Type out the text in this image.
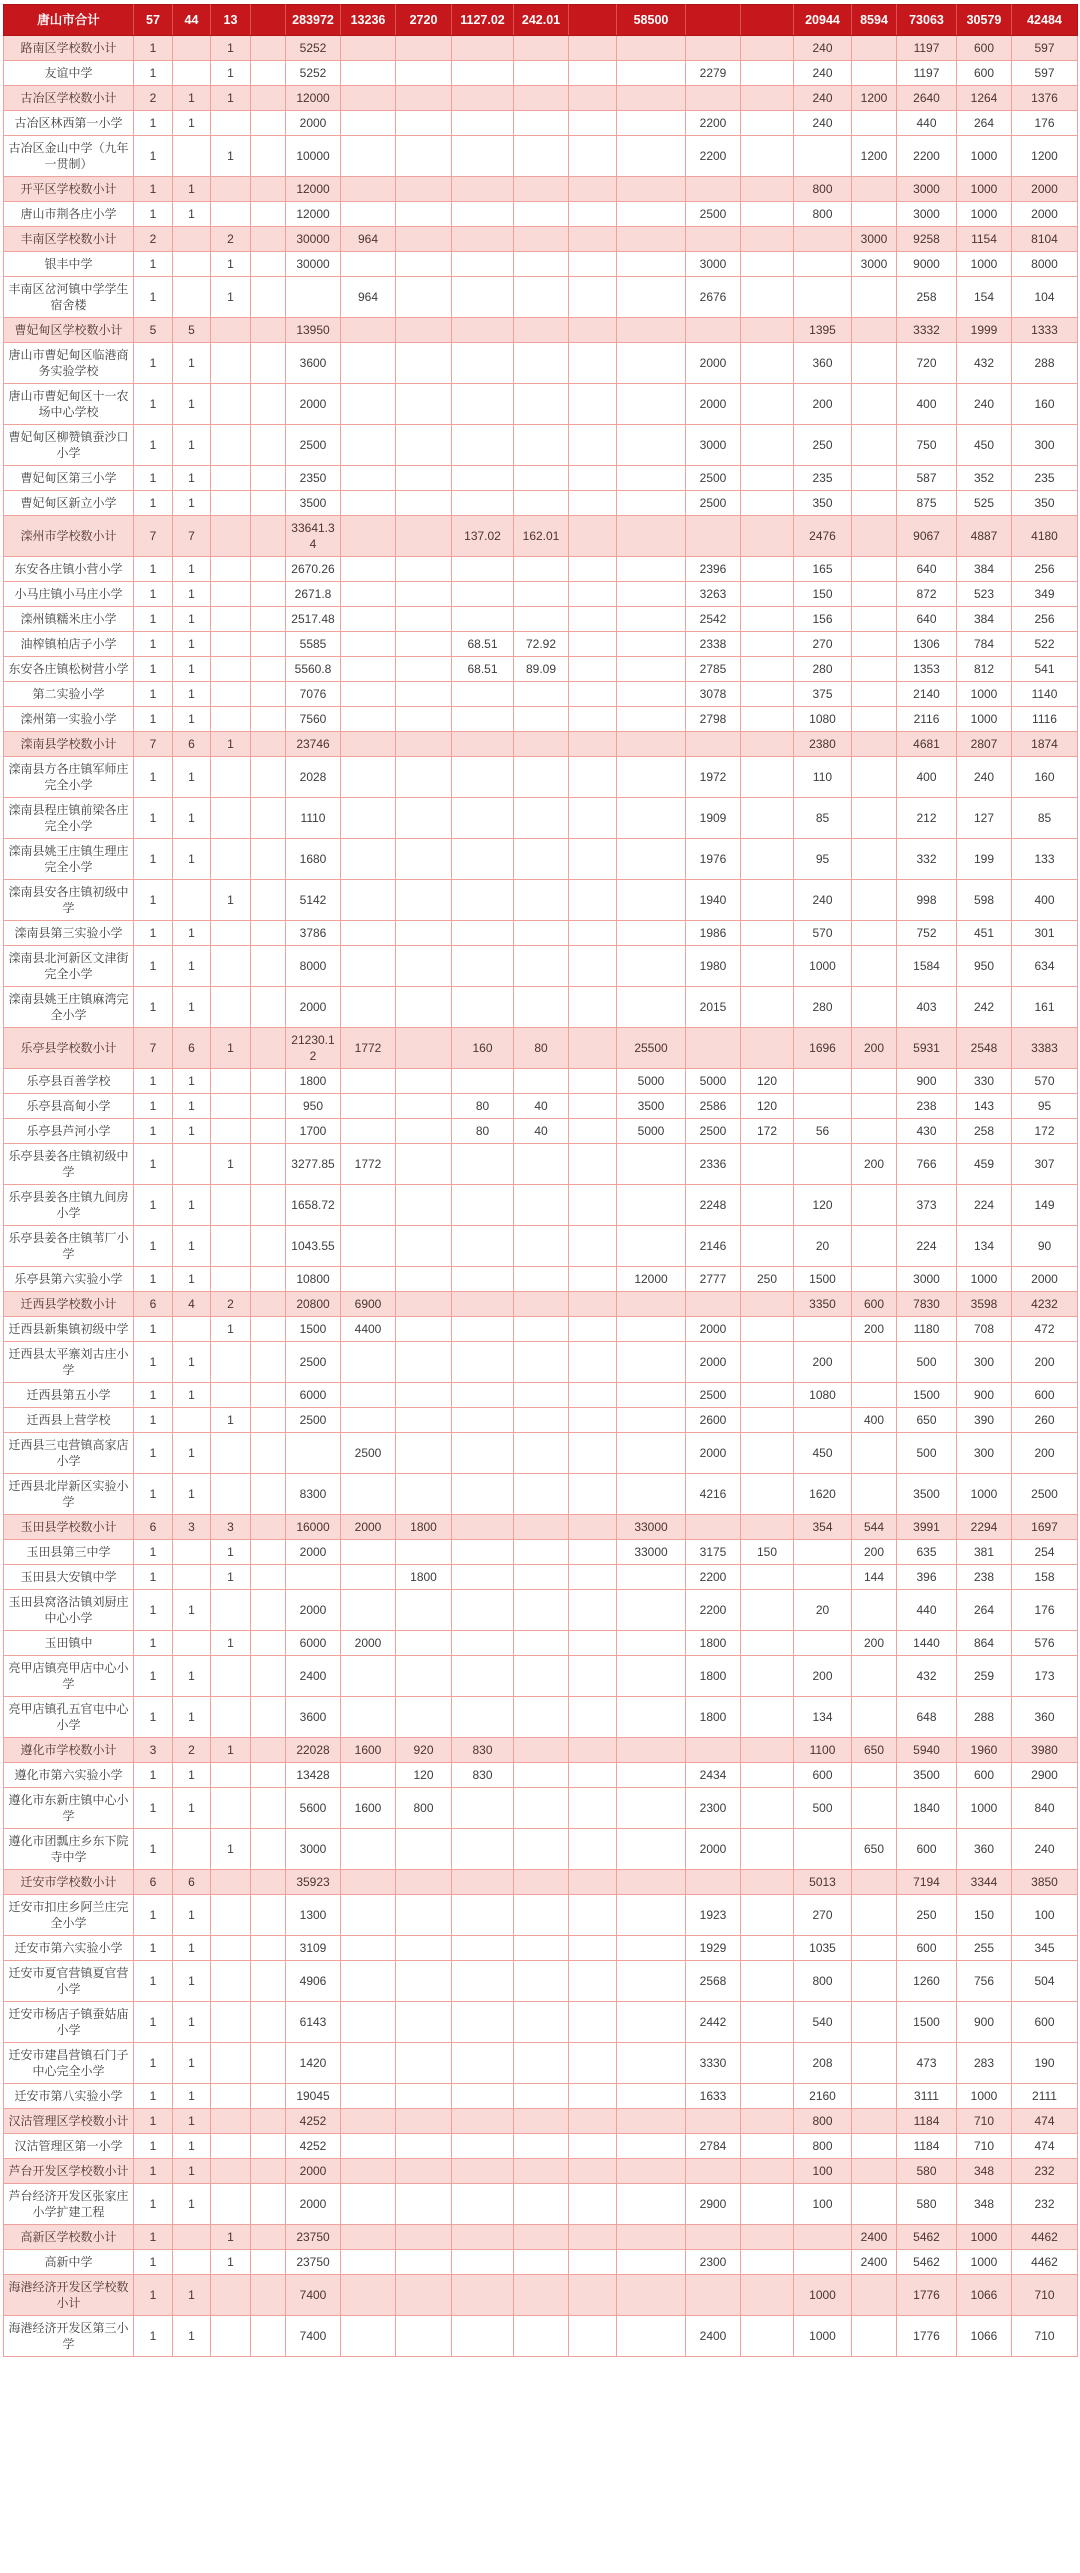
唐山市合计	57	44	13		283972	13236	2720	1127.02	242.01		58500			20944	8594	73063	30579	42484
路南区学校数小计	1		1		5252									240		1197	600	597
友谊中学	1		1		5252							2279		240		1197	600	597
古冶区学校数小计	2	1	1		12000									240	1200	2640	1264	1376
古冶区林西第一小学	1	1			2000							2200		240		440	264	176
古冶区金山中学（九年一贯制）	1		1		10000							2200			1200	2200	1000	1200
开平区学校数小计	1	1			12000									800		3000	1000	2000
唐山市荆各庄小学	1	1			12000							2500		800		3000	1000	2000
丰南区学校数小计	2		2		30000	964									3000	9258	1154	8104
银丰中学	1		1		30000							3000			3000	9000	1000	8000
丰南区岔河镇中学学生宿舍楼	1		1			964						2676				258	154	104
曹妃甸区学校数小计	5	5			13950									1395		3332	1999	1333
唐山市曹妃甸区临港商务实验学校	1	1			3600							2000		360		720	432	288
唐山市曹妃甸区十一农场中心学校	1	1			2000							2000		200		400	240	160
曹妃甸区柳赞镇蚕沙口小学	1	1			2500							3000		250		750	450	300
曹妃甸区第三小学	1	1			2350							2500		235		587	352	235
曹妃甸区新立小学	1	1			3500							2500		350		875	525	350
滦州市学校数小计	7	7			33641.34			137.02	162.01					2476		9067	4887	4180
东安各庄镇小营小学	1	1			2670.26							2396		165		640	384	256
小马庄镇小马庄小学	1	1			2671.8							3263		150		872	523	349
滦州镇糯米庄小学	1	1			2517.48							2542		156		640	384	256
油榨镇柏店子小学	1	1			5585			68.51	72.92			2338		270		1306	784	522
东安各庄镇松树营小学	1	1			5560.8			68.51	89.09			2785		280		1353	812	541
第二实验小学	1	1			7076							3078		375		2140	1000	1140
滦州第一实验小学	1	1			7560							2798		1080		2116	1000	1116
滦南县学校数小计	7	6	1		23746									2380		4681	2807	1874
滦南县方各庄镇军师庄完全小学	1	1			2028							1972		110		400	240	160
滦南县程庄镇前梁各庄完全小学	1	1			1110							1909		85		212	127	85
滦南县姚王庄镇生理庄完全小学	1	1			1680							1976		95		332	199	133
滦南县安各庄镇初级中学	1		1		5142							1940		240		998	598	400
滦南县第三实验小学	1	1			3786							1986		570		752	451	301
滦南县北河新区文津街完全小学	1	1			8000							1980		1000		1584	950	634
滦南县姚王庄镇麻湾完全小学	1	1			2000							2015		280		403	242	161
乐亭县学校数小计	7	6	1		21230.12	1772		160	80		25500			1696	200	5931	2548	3383
乐亭县百善学校	1	1			1800						5000	5000	120			900	330	570
乐亭县高甸小学	1	1			950			80	40		3500	2586	120			238	143	95
乐亭县芦河小学	1	1			1700			80	40		5000	2500	172	56		430	258	172
乐亭县姜各庄镇初级中学	1		1		3277.85	1772						2336			200	766	459	307
乐亭县姜各庄镇九间房小学	1	1			1658.72							2248		120		373	224	149
乐亭县姜各庄镇苇厂小学	1	1			1043.55							2146		20		224	134	90
乐亭县第六实验小学	1	1			10800						12000	2777	250	1500		3000	1000	2000
迁西县学校数小计	6	4	2		20800	6900								3350	600	7830	3598	4232
迁西县新集镇初级中学	1		1		1500	4400						2000			200	1180	708	472
迁西县太平寨刘古庄小学	1	1			2500							2000		200		500	300	200
迁西县第五小学	1	1			6000							2500		1080		1500	900	600
迁西县上营学校	1		1		2500							2600			400	650	390	260
迁西县三屯营镇高家店小学	1	1				2500						2000		450		500	300	200
迁西县北岸新区实验小学	1	1			8300							4216		1620		3500	1000	2500
玉田县学校数小计	6	3	3		16000	2000	1800				33000			354	544	3991	2294	1697
玉田县第三中学	1		1		2000						33000	3175	150		200	635	381	254
玉田县大安镇中学	1		1				1800					2200			144	396	238	158
玉田县窝洛沽镇刘厨庄中心小学	1	1			2000							2200		20		440	264	176
玉田镇中	1		1		6000	2000						1800			200	1440	864	576
亮甲店镇亮甲店中心小学	1	1			2400							1800		200		432	259	173
亮甲店镇孔五官屯中心小学	1	1			3600							1800		134		648	288	360
遵化市学校数小计	3	2	1		22028	1600	920	830						1100	650	5940	1960	3980
遵化市第六实验小学	1	1			13428		120	830				2434		600		3500	600	2900
遵化市东新庄镇中心小学	1	1			5600	1600	800					2300		500		1840	1000	840
遵化市团瓢庄乡东下院寺中学	1		1		3000							2000			650	600	360	240
迁安市学校数小计	6	6			35923									5013		7194	3344	3850
迁安市扣庄乡阿兰庄完全小学	1	1			1300							1923		270		250	150	100
迁安市第六实验小学	1	1			3109							1929		1035		600	255	345
迁安市夏官营镇夏官营小学	1	1			4906							2568		800		1260	756	504
迁安市杨店子镇蚕姑庙小学	1	1			6143							2442		540		1500	900	600
迁安市建昌营镇石门子中心完全小学	1	1			1420							3330		208		473	283	190
迁安市第八实验小学	1	1			19045							1633		2160		3111	1000	2111
汉沽管理区学校数小计	1	1			4252									800		1184	710	474
汉沽管理区第一小学	1	1			4252							2784		800		1184	710	474
芦台开发区学校数小计	1	1			2000									100		580	348	232
芦台经济开发区张家庄小学扩建工程	1	1			2000							2900		100		580	348	232
高新区学校数小计	1		1		23750										2400	5462	1000	4462
高新中学	1		1		23750							2300			2400	5462	1000	4462
海港经济开发区学校数小计	1	1			7400									1000		1776	1066	710
海港经济开发区第三小学	1	1			7400							2400		1000		1776	1066	710
